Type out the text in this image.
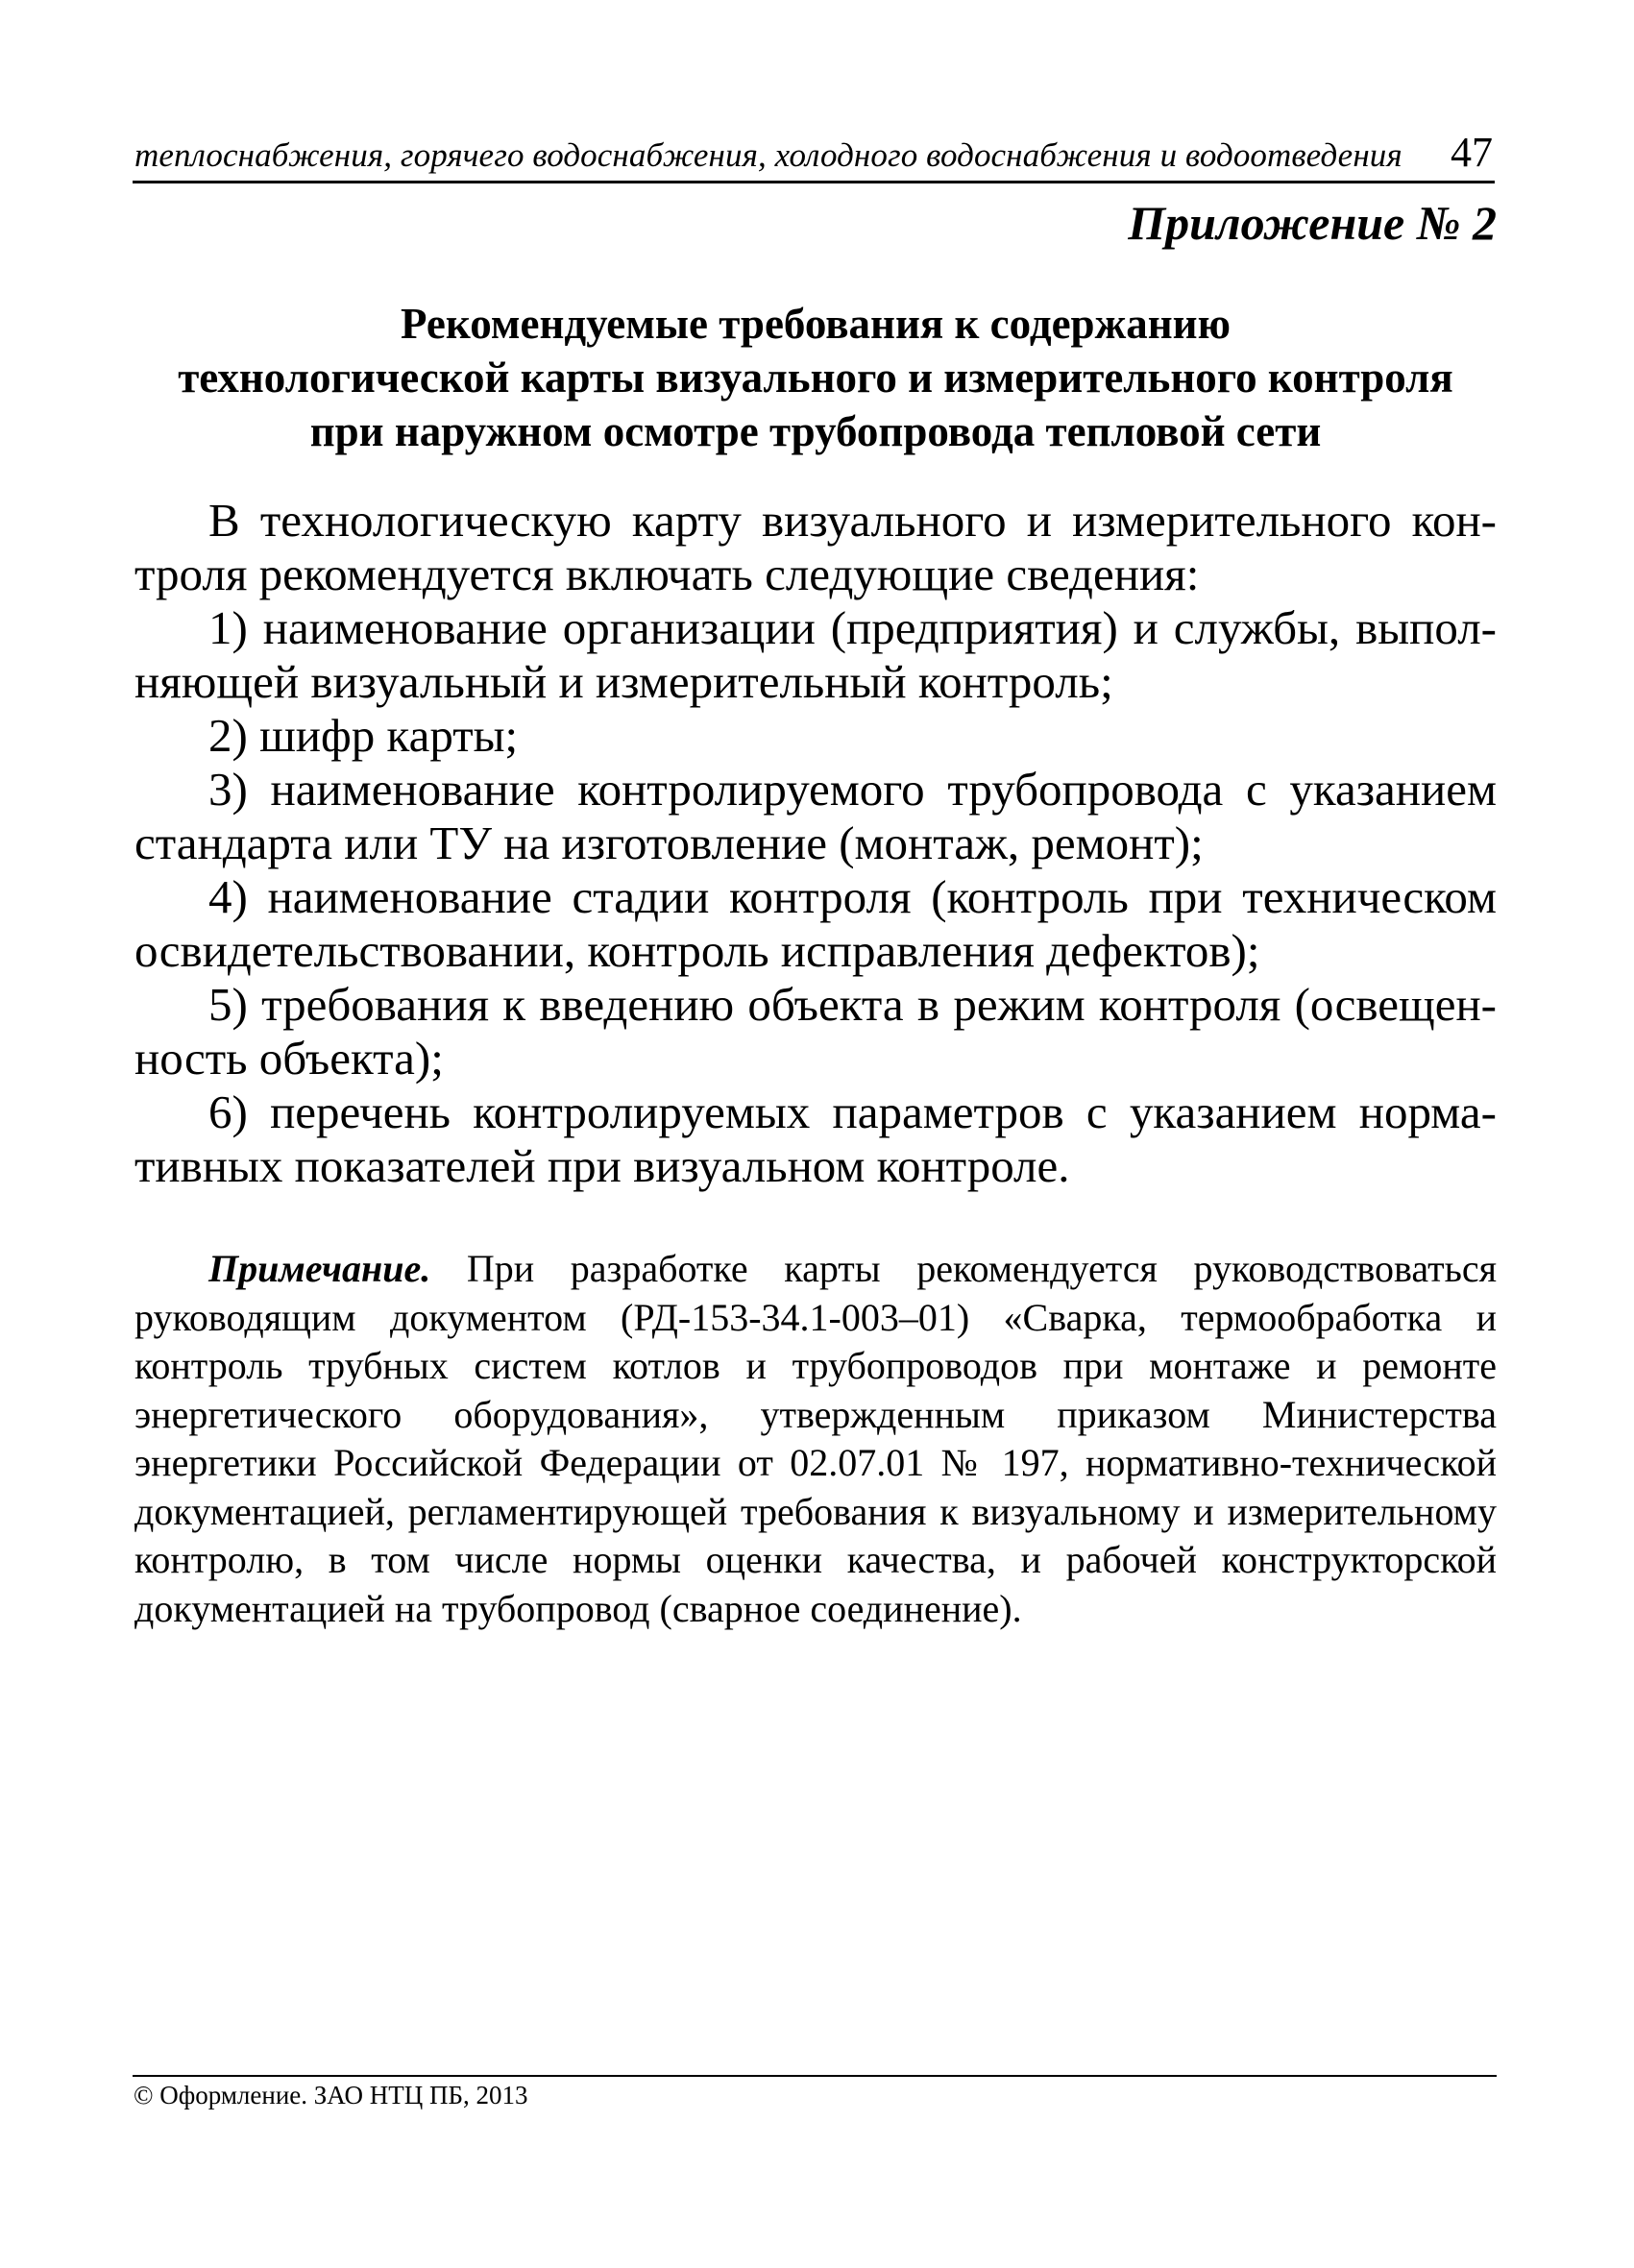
теплоснабжения, горячего водоснабжения, холодного водоснабжения и водоотведения 47
Приложение № 2
Рекомендуемые требования к содержанию
технологической карты визуального и измерительного контроля
при наружном осмотре трубопровода тепловой сети

В технологическую карту визуального и измерительного контроля рекомендуется включать следующие сведения:

1) наименование организации (предприятия) и службы, выполняющей визуальный и измерительный контроль;

2) шифр карты;

3) наименование контролируемого трубопровода с указанием стандарта или ТУ на изготовление (монтаж, ремонт);

4) наименование стадии контроля (контроль при техническом освидетельствовании, контроль исправления дефектов);

5) требования к введению объекта в режим контроля (освещенность объекта);

6) перечень контролируемых параметров с указанием нормативных показателей при визуальном контроле.

Примечание. При разработке карты рекомендуется руководствоваться руководящим документом (РД-153-34.1-003–01) «Сварка, термообработка и контроль трубных систем котлов и трубопроводов при монтаже и ремонте энергетического оборудования», утвержденным приказом Министерства энергетики Российской Федерации от 02.07.01 № 197, нормативно-технической документацией, регламентирующей требования к визуальному и измерительному контролю, в том числе нормы оценки качества, и рабочей конструкторской документацией на трубопровод (сварное соединение).

© Оформление. ЗАО НТЦ ПБ, 2013
